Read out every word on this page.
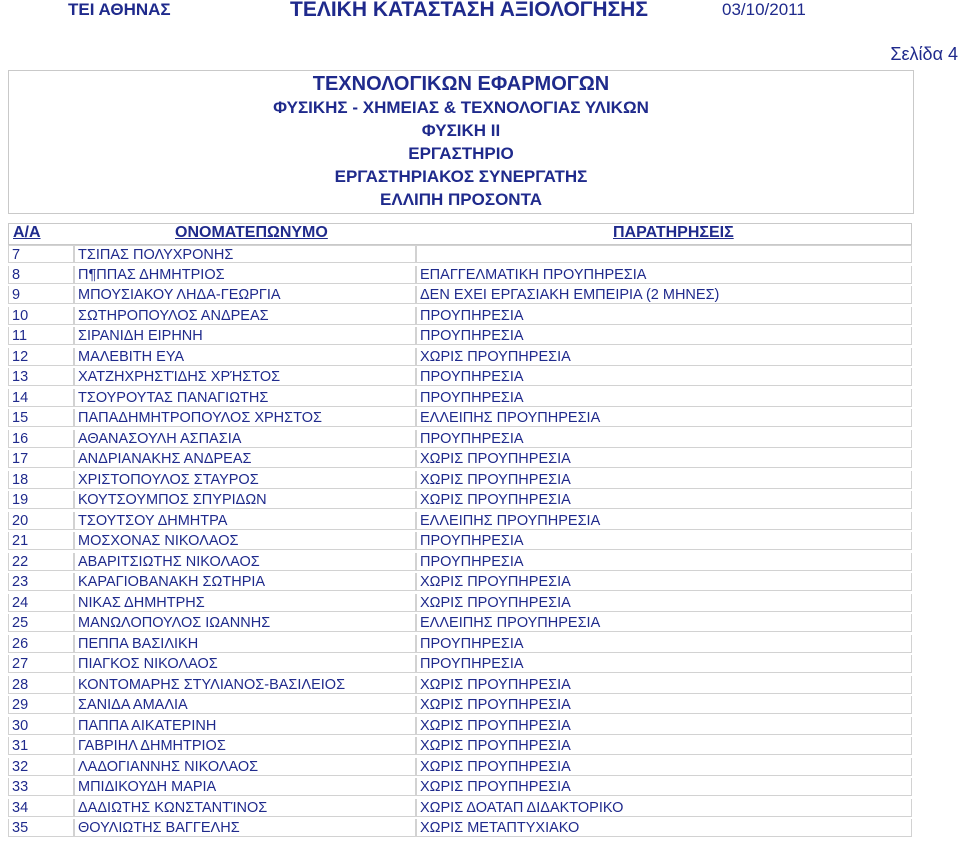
ΤΕΙ ΑΘΗΝΑΣ	ΤΕΛΙΚΗ ΚΑΤΑΣΤΑΣΗ ΑΞΙΟΛΟΓΗΣΗΣ	03/10/2011
Σελίδα 4
ΤΕΧΝΟΛΟΓΙΚΩΝ ΕΦΑΡΜΟΓΩΝ
ΦΥΣΙΚΗΣ - ΧΗΜΕΙΑΣ & ΤΕΧΝΟΛΟΓΙΑΣ ΥΛΙΚΩΝ
ΦΥΣΙΚΗ ΙΙ
ΕΡΓΑΣΤΗΡΙΟ
ΕΡΓΑΣΤΗΡΙΑΚΟΣ ΣΥΝΕΡΓΑΤΗΣ
ΕΛΛΙΠΗ ΠΡΟΣΟΝΤΑ
Α/Α	ΟΝΟΜΑΤΕΠΩΝΥΜΟ	ΠΑΡΑΤΗΡΗΣΕΙΣ
7	ΤΣΙΠΑΣ ΠΟΛΥΧΡΟΝΗΣ
8	Π¶ΠΠΑΣ ΔΗΜΗΤΡΙΟΣ	ΕΠΑΓΓΕΛΜΑΤΙΚΗ ΠΡΟΥΠΗΡΕΣΙΑ
9	ΜΠΟΥΣΙΑΚΟΥ ΛΗΔΑ-ΓΕΩΡΓΙΑ	ΔΕΝ ΕΧΕΙ ΕΡΓΑΣΙΑΚΗ ΕΜΠΕΙΡΙΑ (2 ΜΗΝΕΣ)
10	ΣΩΤΗΡΟΠΟΥΛΟΣ ΑΝΔΡΕΑΣ	ΠΡΟΥΠΗΡΕΣΙΑ
11	ΣΙΡΑΝΙΔΗ ΕΙΡΗΝΗ	ΠΡΟΥΠΗΡΕΣΙΑ
12	ΜΑΛΕΒΙΤΗ ΕΥΑ	ΧΩΡΙΣ ΠΡΟΥΠΗΡΕΣΙΑ
13	ΧΑΤΖΗΧΡΗΣΤΊΔΗΣ ΧΡΉΣΤΟΣ	ΠΡΟΥΠΗΡΕΣΙΑ
14	ΤΣΟΥΡΟΥΤΑΣ ΠΑΝΑΓΙΩΤΗΣ	ΠΡΟΥΠΗΡΕΣΙΑ
15	ΠΑΠΑΔΗΜΗΤΡΟΠΟΥΛΟΣ ΧΡΗΣΤΟΣ	ΕΛΛΕΙΠΗΣ ΠΡΟΥΠΗΡΕΣΙΑ
16	ΑΘΑΝΑΣΟΥΛΗ ΑΣΠΑΣΙΑ	ΠΡΟΥΠΗΡΕΣΙΑ
17	ΑΝΔΡΙΑΝΑΚΗΣ ΑΝΔΡΕΑΣ	ΧΩΡΙΣ ΠΡΟΥΠΗΡΕΣΙΑ
18	ΧΡΙΣΤΟΠΟΥΛΟΣ ΣΤΑΥΡΟΣ	ΧΩΡΙΣ ΠΡΟΥΠΗΡΕΣΙΑ
19	ΚΟΥΤΣΟΥΜΠΟΣ ΣΠΥΡΙΔΩΝ	ΧΩΡΙΣ ΠΡΟΥΠΗΡΕΣΙΑ
20	ΤΣΟΥΤΣΟΥ ΔΗΜΗΤΡΑ	ΕΛΛΕΙΠΗΣ ΠΡΟΥΠΗΡΕΣΙΑ
21	ΜΟΣΧΟΝΑΣ ΝΙΚΟΛΑΟΣ	ΠΡΟΥΠΗΡΕΣΙΑ
22	ΑΒΑΡΙΤΣΙΩΤΗΣ ΝΙΚΟΛΑΟΣ	ΠΡΟΥΠΗΡΕΣΙΑ
23	ΚΑΡΑΓΙΟΒΑΝΑΚΗ ΣΩΤΗΡΙΑ	ΧΩΡΙΣ ΠΡΟΥΠΗΡΕΣΙΑ
24	ΝΙΚΑΣ ΔΗΜΗΤΡΗΣ	ΧΩΡΙΣ ΠΡΟΥΠΗΡΕΣΙΑ
25	ΜΑΝΩΛΟΠΟΥΛΟΣ ΙΩΑΝΝΗΣ	ΕΛΛΕΙΠΗΣ ΠΡΟΥΠΗΡΕΣΙΑ
26	ΠΕΠΠΑ ΒΑΣΙΛΙΚΗ	ΠΡΟΥΠΗΡΕΣΙΑ
27	ΠΙΑΓΚΟΣ ΝΙΚΟΛΑΟΣ	ΠΡΟΥΠΗΡΕΣΙΑ
28	ΚΟΝΤΟΜΑΡΗΣ ΣΤΥΛΙΑΝΟΣ-ΒΑΣΙΛΕΙΟΣ	ΧΩΡΙΣ ΠΡΟΥΠΗΡΕΣΙΑ
29	ΣΑΝΙΔΑ ΑΜΑΛΙΑ	ΧΩΡΙΣ ΠΡΟΥΠΗΡΕΣΙΑ
30	ΠΑΠΠΑ ΑΙΚΑΤΕΡΙΝΗ	ΧΩΡΙΣ ΠΡΟΥΠΗΡΕΣΙΑ
31	ΓΑΒΡΙΗΛ ΔΗΜΗΤΡΙΟΣ	ΧΩΡΙΣ ΠΡΟΥΠΗΡΕΣΙΑ
32	ΛΑΔΟΓΙΑΝΝΗΣ ΝΙΚΟΛΑΟΣ	ΧΩΡΙΣ ΠΡΟΥΠΗΡΕΣΙΑ
33	ΜΠΙΔΙΚΟΥΔΗ ΜΑΡΙΑ	ΧΩΡΙΣ ΠΡΟΥΠΗΡΕΣΙΑ
34	ΔΑΔΙΩΤΗΣ ΚΩΝΣΤΑΝΤΊΝΟΣ	ΧΩΡΙΣ ΔΟΑΤΑΠ ΔΙΔΑΚΤΟΡΙΚΟ
35	ΘΟΥΛΙΩΤΗΣ ΒΑΓΓΕΛΗΣ	ΧΩΡΙΣ ΜΕΤΑΠΤΥΧΙΑΚΟ
